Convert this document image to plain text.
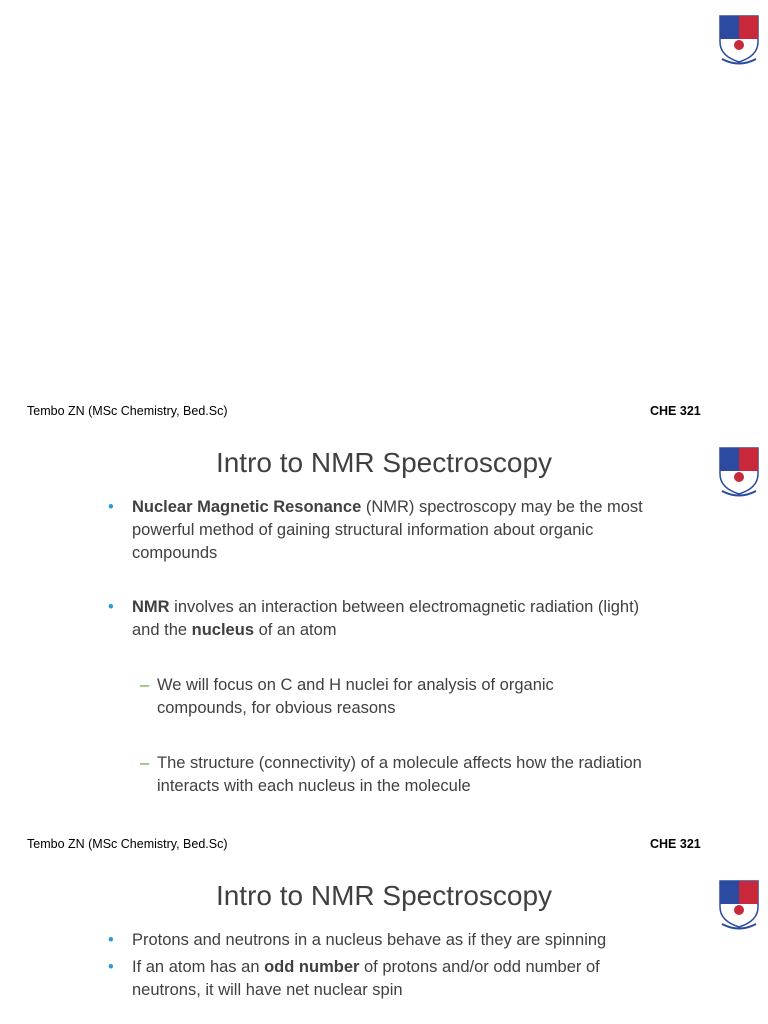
Tembo ZN (MSc Chemistry, Bed.Sc)	CHE 321
Intro to NMR Spectroscopy
• Nuclear Magnetic Resonance (NMR) spectroscopy may be the most powerful method of gaining structural information about organic compounds
• NMR involves an interaction between electromagnetic radiation (light) and the nucleus of an atom
– We will focus on C and H nuclei for analysis of organic compounds, for obvious reasons
– The structure (connectivity) of a molecule affects how the radiation interacts with each nucleus in the molecule
Tembo ZN (MSc Chemistry, Bed.Sc)	CHE 321
Intro to NMR Spectroscopy
• Protons and neutrons in a nucleus behave as if they are spinning
• If an atom has an odd number of protons and/or odd number of neutrons, it will have net nuclear spin
